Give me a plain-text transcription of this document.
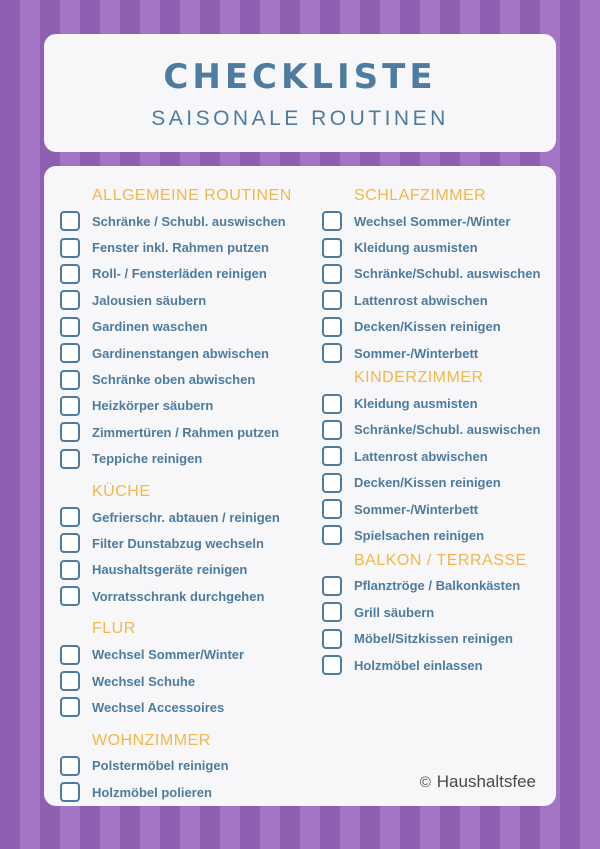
CHECKLISTE
SAISONALE ROUTINEN
ALLGEMEINE ROUTINEN
Schränke / Schubl. auswischen
Fenster inkl. Rahmen putzen
Roll- / Fensterläden reinigen
Jalousien säubern
Gardinen waschen
Gardinenstangen abwischen
Schränke oben abwischen
Heizkörper säubern
Zimmertüren / Rahmen putzen
Teppiche reinigen
KÜCHE
Gefrierschr. abtauen / reinigen
Filter Dunstabzug wechseln
Haushaltsgeräte reinigen
Vorratsschrank durchgehen
FLUR
Wechsel Sommer/Winter
Wechsel Schuhe
Wechsel Accessoires
WOHNZIMMER
Polstermöbel reinigen
Holzmöbel polieren
SCHLAFZIMMER
Wechsel Sommer-/Winter
Kleidung ausmisten
Schränke/Schubl. auswischen
Lattenrost abwischen
Decken/Kissen reinigen
Sommer-/Winterbett
KINDERZIMMER
Kleidung ausmisten
Schränke/Schubl. auswischen
Lattenrost abwischen
Decken/Kissen reinigen
Sommer-/Winterbett
Spielsachen reinigen
BALKON / TERRASSE
Pflanztröge / Balkonkästen
Grill säubern
Möbel/Sitzkissen reinigen
Holzmöbel einlassen
© Haushaltsfee
